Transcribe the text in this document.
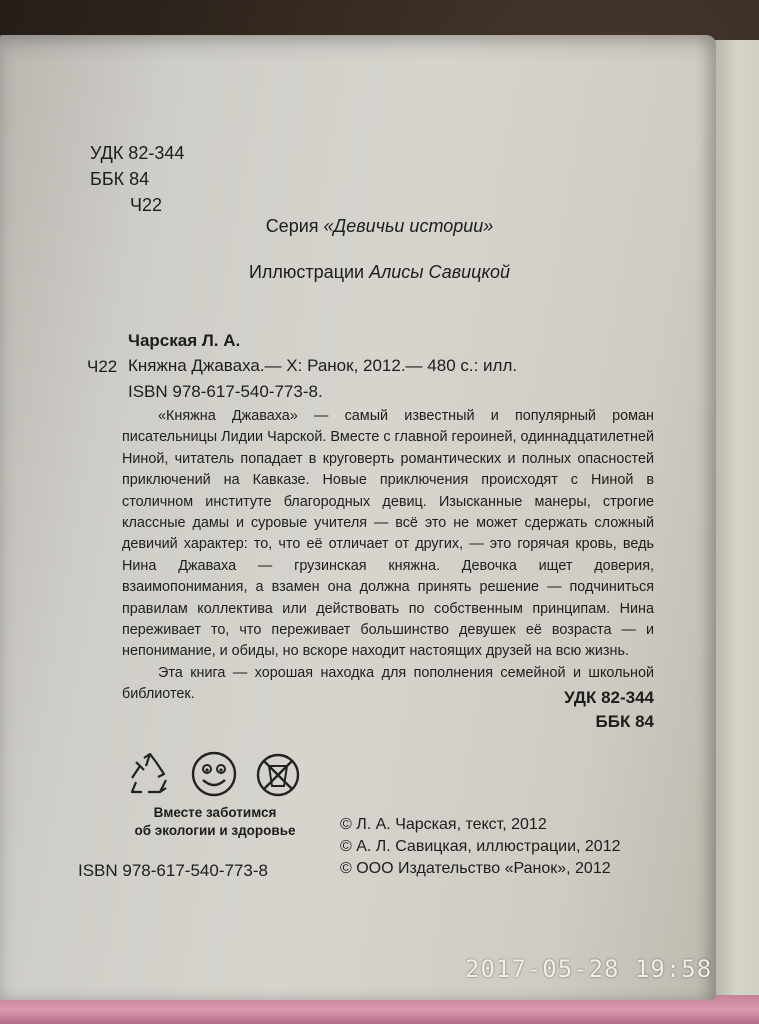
УДК 82-344
ББК 84
Ч22
Серия «Девичьи истории»
Иллюстрации Алисы Савицкой
Чарская Л. А.
Ч22 Княжна Джаваха.— Х: Ранок, 2012.— 480 с.: илл.
ISBN 978-617-540-773-8.

«Княжна Джаваха» — самый известный и популярный роман писательницы Лидии Чарской. Вместе с главной героиней, одиннадцатилетней Ниной, читатель попадает в круговерть романтических и полных опасностей приключений на Кавказе. Новые приключения происходят с Ниной в столичном институте благородных девиц. Изысканные манеры, строгие классные дамы и суровые учителя — всё это не может сдержать сложный девичий характер: то, что её отличает от других, — это горячая кровь, ведь Нина Джаваха — грузинская княжна. Девочка ищет доверия, взаимопонимания, а взамен она должна принять решение — подчиниться правилам коллектива или действовать по собственным принципам. Нина переживает то, что переживает большинство девушек её возраста — и непонимание, и обиды, но вскоре находит настоящих друзей на всю жизнь.

Эта книга — хорошая находка для пополнения семейной и школьной библиотек.	УДК 82-344
ББК 84
Вместе заботимся
об экологии и здоровье
ISBN 978-617-540-773-8
© Л. А. Чарская, текст, 2012
© А. Л. Савицкая, иллюстрации, 2012
© ООО Издательство «Ранок», 2012
2017-05-28 19:58
